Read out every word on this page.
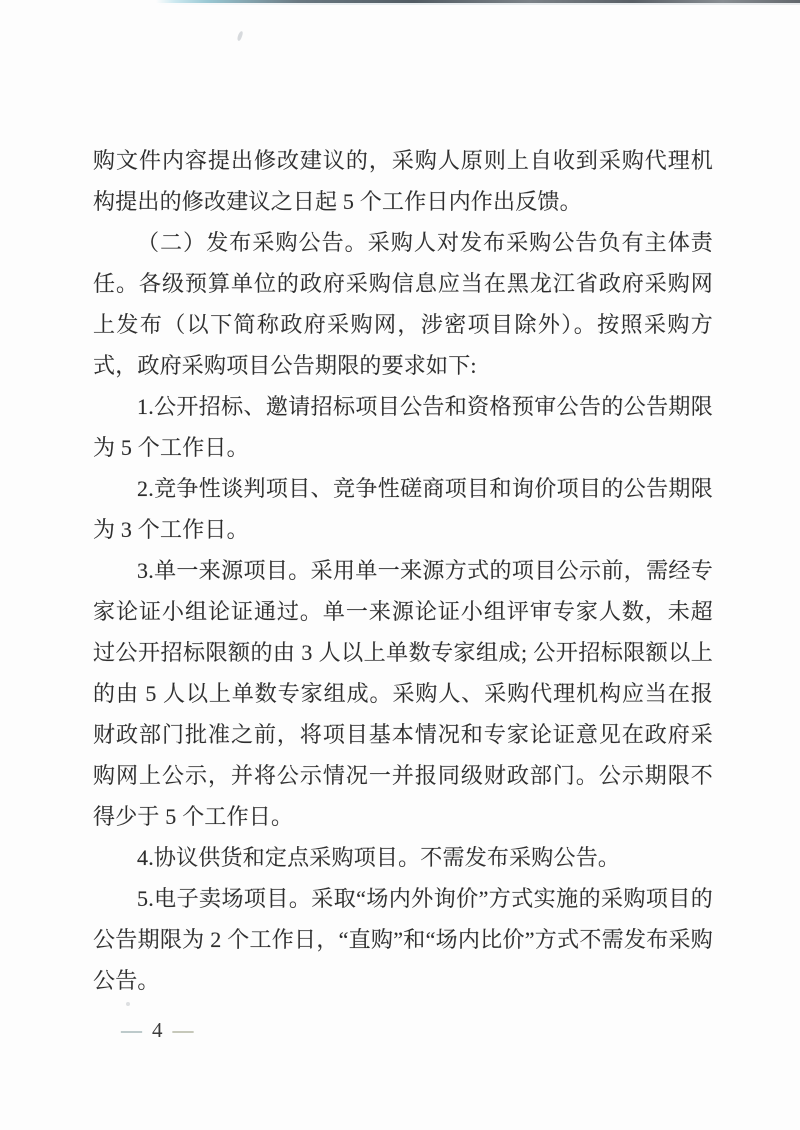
购文件内容提出修改建议的，采购人原则上自收到采购代理机构提出的修改建议之日起 5 个工作日内作出反馈。

（二）发布采购公告。采购人对发布采购公告负有主体责任。各级预算单位的政府采购信息应当在黑龙江省政府采购网上发布（以下简称政府采购网，涉密项目除外）。按照采购方式，政府采购项目公告期限的要求如下:

1.公开招标、邀请招标项目公告和资格预审公告的公告期限为 5 个工作日。

2.竞争性谈判项目、竞争性磋商项目和询价项目的公告期限为 3 个工作日。

3.单一来源项目。采用单一来源方式的项目公示前，需经专家论证小组论证通过。单一来源论证小组评审专家人数，未超过公开招标限额的由 3 人以上单数专家组成; 公开招标限额以上的由 5 人以上单数专家组成。采购人、采购代理机构应当在报财政部门批准之前，将项目基本情况和专家论证意见在政府采购网上公示，并将公示情况一并报同级财政部门。公示期限不得少于 5 个工作日。

4.协议供货和定点采购项目。不需发布采购公告。

5.电子卖场项目。采取“场内外询价”方式实施的采购项目的公告期限为 2 个工作日，“直购”和“场内比价”方式不需发布采购公告。

— 4 —
